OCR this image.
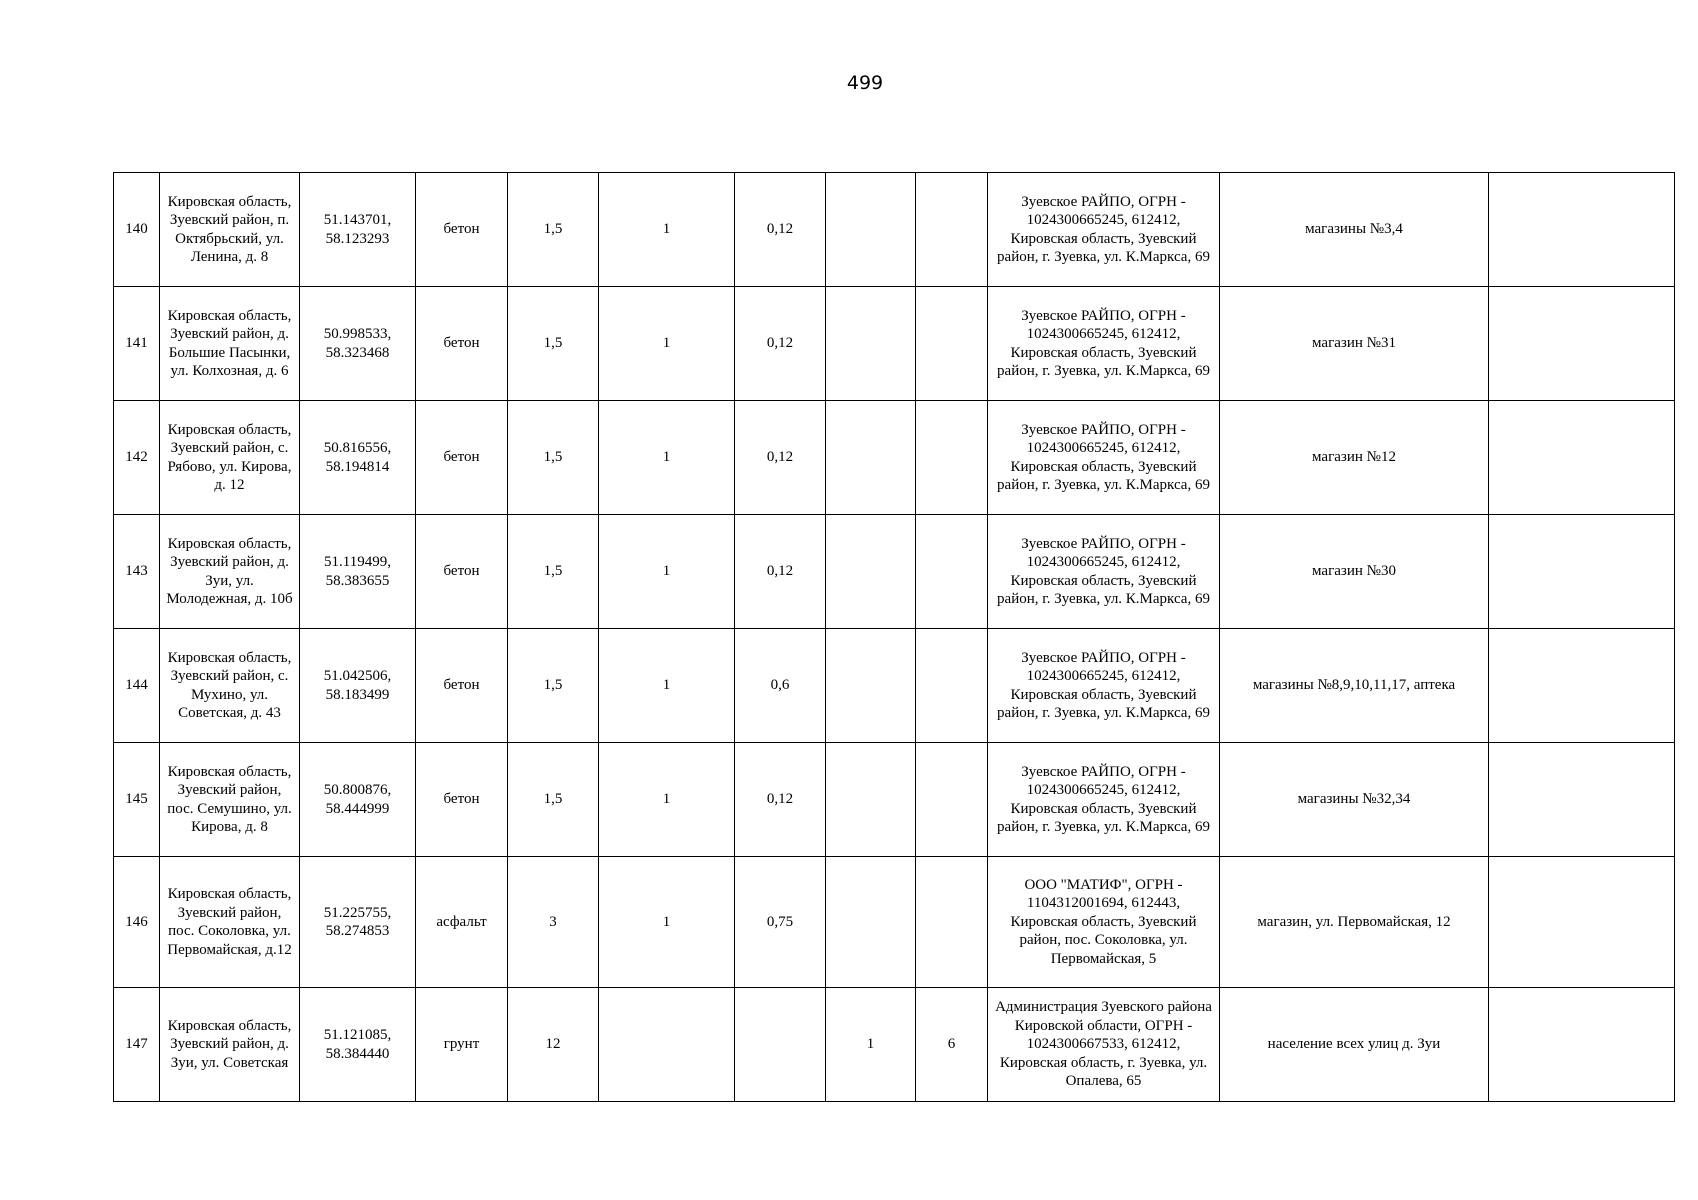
499
140	Кировская область, Зуевский район, п. Октябрьский, ул. Ленина, д. 8	51.143701, 58.123293	бетон	1,5	1	0,12			Зуевское РАЙПО, ОГРН - 1024300665245, 612412, Кировская область, Зуевский район, г. Зуевка, ул. К.Маркса, 69	магазины №3,4	
141	Кировская область, Зуевский район, д. Большие Пасынки, ул. Колхозная, д. 6	50.998533, 58.323468	бетон	1,5	1	0,12			Зуевское РАЙПО, ОГРН - 1024300665245, 612412, Кировская область, Зуевский район, г. Зуевка, ул. К.Маркса, 69	магазин №31	
142	Кировская область, Зуевский район, с. Рябово, ул. Кирова, д. 12	50.816556, 58.194814	бетон	1,5	1	0,12			Зуевское РАЙПО, ОГРН - 1024300665245, 612412, Кировская область, Зуевский район, г. Зуевка, ул. К.Маркса, 69	магазин №12	
143	Кировская область, Зуевский район, д. Зуи, ул. Молодежная, д. 10б	51.119499, 58.383655	бетон	1,5	1	0,12			Зуевское РАЙПО, ОГРН - 1024300665245, 612412, Кировская область, Зуевский район, г. Зуевка, ул. К.Маркса, 69	магазин №30	
144	Кировская область, Зуевский район, с. Мухино, ул. Советская, д. 43	51.042506, 58.183499	бетон	1,5	1	0,6			Зуевское РАЙПО, ОГРН - 1024300665245, 612412, Кировская область, Зуевский район, г. Зуевка, ул. К.Маркса, 69	магазины №8,9,10,11,17, аптека	
145	Кировская область, Зуевский район, пос. Семушино, ул. Кирова, д. 8	50.800876, 58.444999	бетон	1,5	1	0,12			Зуевское РАЙПО, ОГРН - 1024300665245, 612412, Кировская область, Зуевский район, г. Зуевка, ул. К.Маркса, 69	магазины №32,34	
146	Кировская область, Зуевский район, пос. Соколовка, ул. Первомайская, д.12	51.225755, 58.274853	асфальт	3	1	0,75			ООО "МАТИФ", ОГРН - 1104312001694, 612443, Кировская область, Зуевский район, пос. Соколовка, ул. Первомайская, 5	магазин, ул. Первомайская, 12	
147	Кировская область, Зуевский район, д. Зуи, ул. Советская	51.121085, 58.384440	грунт	12			1	6	Администрация Зуевского района Кировской области, ОГРН - 1024300667533, 612412, Кировская область, г. Зуевка, ул. Опалева, 65	население всех улиц д. Зуи	
